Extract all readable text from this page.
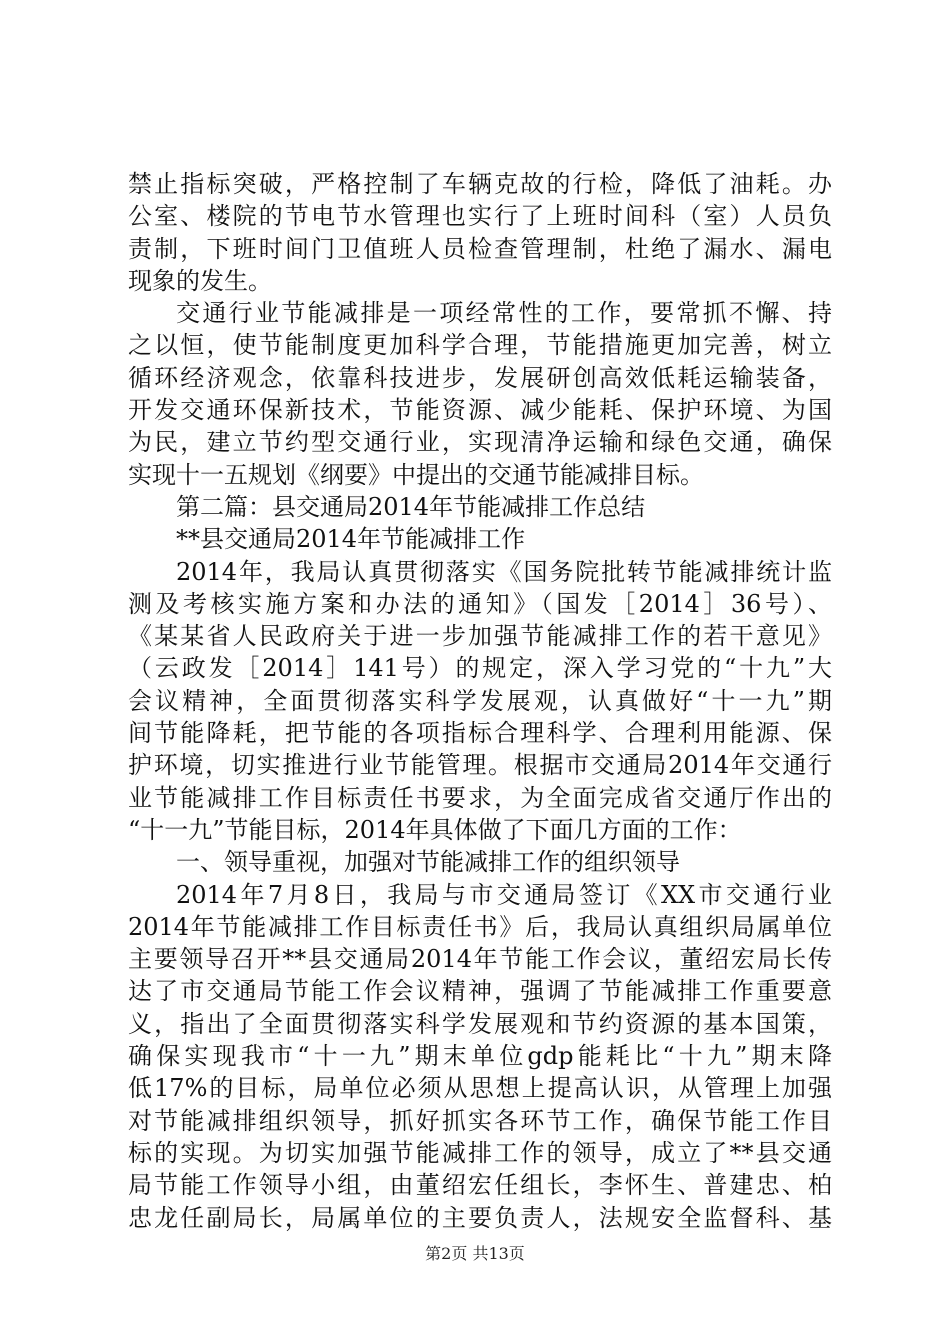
禁止指标突破，严格控制了车辆克故的行检，降低了油耗。办
公室、楼院的节电节水管理也实行了上班时间科（室）人员负
责制，下班时间门卫值班人员检查管理制，杜绝了漏水、漏电
现象的发生。
交通行业节能减排是一项经常性的工作，要常抓不懈、持
之以恒，使节能制度更加科学合理，节能措施更加完善，树立
循环经济观念，依靠科技进步，发展研创高效低耗运输装备，
开发交通环保新技术，节能资源、减少能耗、保护环境、为国
为民，建立节约型交通行业，实现清净运输和绿色交通，确保
实现十一五规划《纲要》中提出的交通节能减排目标。
第二篇：县交通局2014年节能减排工作总结
**县交通局2014年节能减排工作
2014年，我局认真贯彻落实《国务院批转节能减排统计监
测及考核实施方案和办法的通知》（国发［2014］36号）、
《某某省人民政府关于进一步加强节能减排工作的若干意见》
（云政发［2014］141号）的规定，深入学习党的“十九”大
会议精神，全面贯彻落实科学发展观，认真做好“十一九”期
间节能降耗，把节能的各项指标合理科学、合理利用能源、保
护环境，切实推进行业节能管理。根据市交通局2014年交通行
业节能减排工作目标责任书要求，为全面完成省交通厅作出的
“十一九”节能目标，2014年具体做了下面几方面的工作：
一、领导重视，加强对节能减排工作的组织领导
2014年7月8日，我局与市交通局签订《XX市交通行业
2014年节能减排工作目标责任书》后，我局认真组织局属单位
主要领导召开**县交通局2014年节能工作会议，董绍宏局长传
达了市交通局节能工作会议精神，强调了节能减排工作重要意
义，指出了全面贯彻落实科学发展观和节约资源的基本国策，
确保实现我市“十一九”期末单位gdp能耗比“十九”期末降
低17%的目标，局单位必须从思想上提高认识，从管理上加强
对节能减排组织领导，抓好抓实各环节工作，确保节能工作目
标的实现。为切实加强节能减排工作的领导，成立了**县交通
局节能工作领导小组，由董绍宏任组长，李怀生、普建忠、柏
忠龙任副局长，局属单位的主要负责人，法规安全监督科、基
第2页 共13页
